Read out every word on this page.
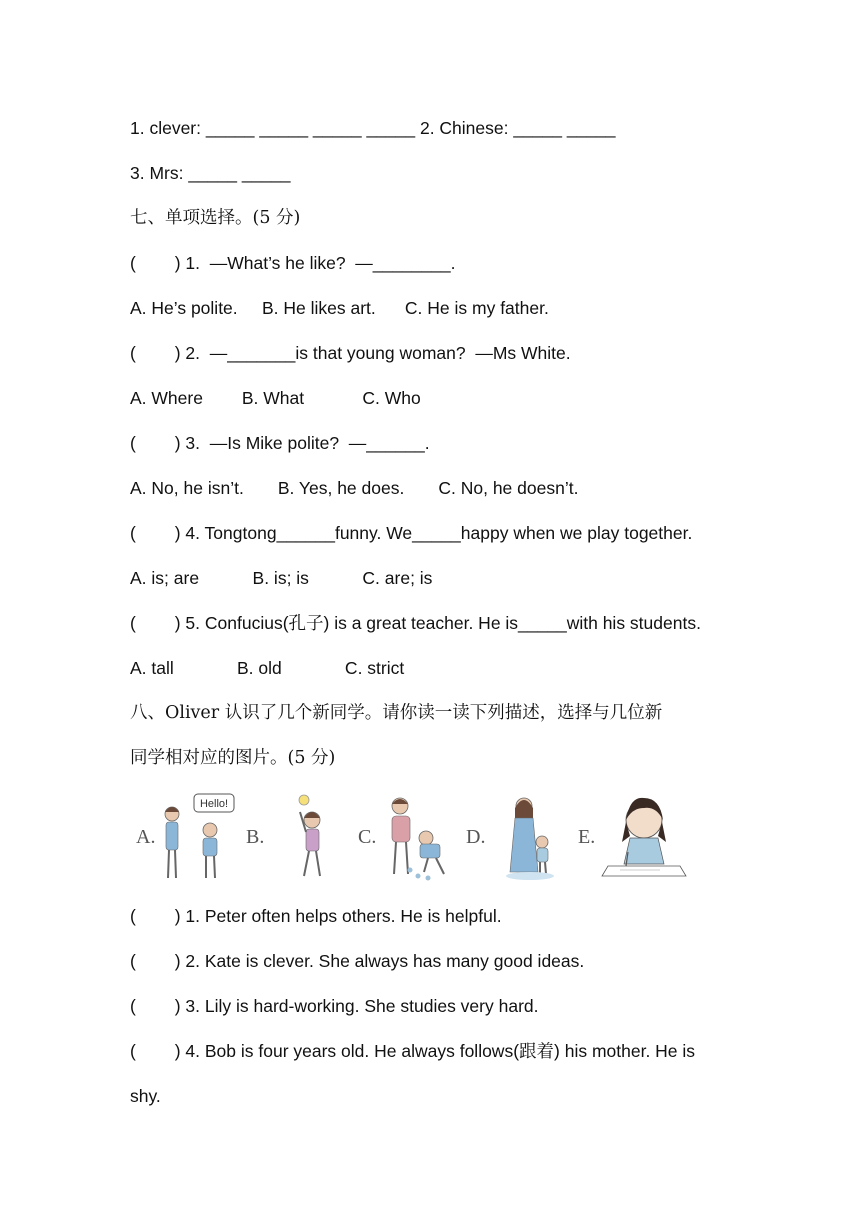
1. clever: _____ _____ _____ _____ 2. Chinese: _____ _____
3. Mrs: _____ _____
七、单项选择。(5 分)
(        ) 1.  —What’s he like?  —________.
A. He’s polite.     B. He likes art.      C. He is my father.
(        ) 2.  —_______is that young woman?  —Ms White.
A. Where        B. What            C. Who
(        ) 3.  —Is Mike polite?  —______.
A. No, he isn’t.       B. Yes, he does.       C. No, he doesn’t.
(        ) 4. Tongtong______funny. We_____happy when we play together.
A. is; are           B. is; is           C. are; is
(        ) 5. Confucius(孔子) is a great teacher. He is_____with his students.
A. tall             B. old             C. strict
八、Oliver 认识了几个新同学。请你读一读下列描述，选择与几位新
同学相对应的图片。(5 分)
A.
Hello!
B.	C.	D.	E.
(        ) 1. Peter often helps others. He is helpful.
(        ) 2. Kate is clever. She always has many good ideas.
(        ) 3. Lily is hard-working. She studies very hard.
(        ) 4. Bob is four years old. He always follows(跟着) his mother. He is
shy.
